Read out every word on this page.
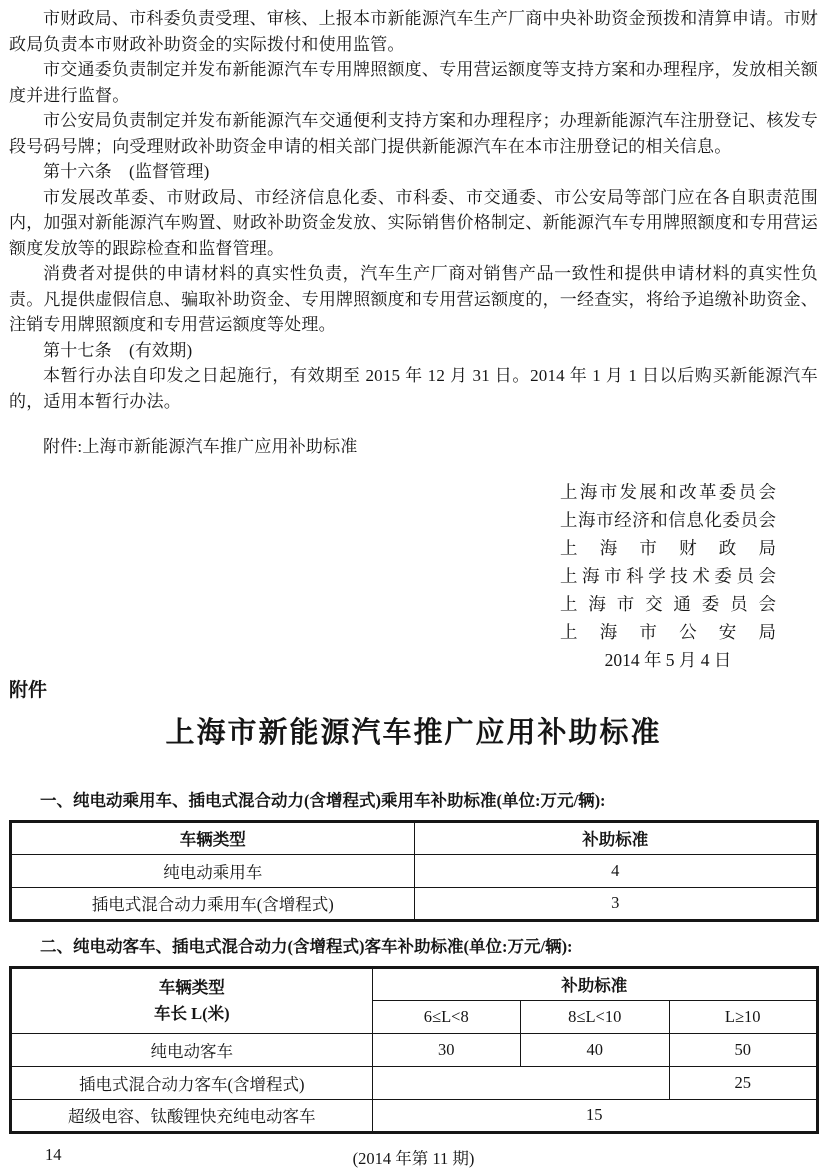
市财政局、市科委负责受理、审核、上报本市新能源汽车生产厂商中央补助资金预拨和清算申请。市财政局负责本市财政补助资金的实际拨付和使用监管。

市交通委负责制定并发布新能源汽车专用牌照额度、专用营运额度等支持方案和办理程序，发放相关额度并进行监督。

市公安局负责制定并发布新能源汽车交通便利支持方案和办理程序；办理新能源汽车注册登记、核发专段号码号牌；向受理财政补助资金申请的相关部门提供新能源汽车在本市注册登记的相关信息。

第十六条　(监督管理)

市发展改革委、市财政局、市经济信息化委、市科委、市交通委、市公安局等部门应在各自职责范围内，加强对新能源汽车购置、财政补助资金发放、实际销售价格制定、新能源汽车专用牌照额度和专用营运额度发放等的跟踪检查和监督管理。

消费者对提供的申请材料的真实性负责，汽车生产厂商对销售产品一致性和提供申请材料的真实性负责。凡提供虚假信息、骗取补助资金、专用牌照额度和专用营运额度的，一经查实，将给予追缴补助资金、注销专用牌照额度和专用营运额度等处理。

第十七条　(有效期)

本暂行办法自印发之日起施行，有效期至 2015 年 12 月 31 日。2014 年 1 月 1 日以后购买新能源汽车的，适用本暂行办法。

附件:上海市新能源汽车推广应用补助标准

上海市发展和改革委员会
上海市经济和信息化委员会
上海市财政局
上海市科学技术委员会
上海市交通委员会
上海市公安局
2014 年 5 月 4 日
附件
上海市新能源汽车推广应用补助标准

一、纯电动乘用车、插电式混合动力(含增程式)乘用车补助标准(单位:万元/辆):

车辆类型	补助标准
纯电动乘用车	4
插电式混合动力乘用车(含增程式)	3

二、纯电动客车、插电式混合动力(含增程式)客车补助标准(单位:万元/辆):

车辆类型
车长 L(米)	补助标准		
	6≤L<8	8≤L<10	L≥10
纯电动客车	30	40	50
插电式混合动力客车(含增程式)			25
超级电容、钛酸锂快充纯电动客车	15		
14	(2014 年第 11 期)
